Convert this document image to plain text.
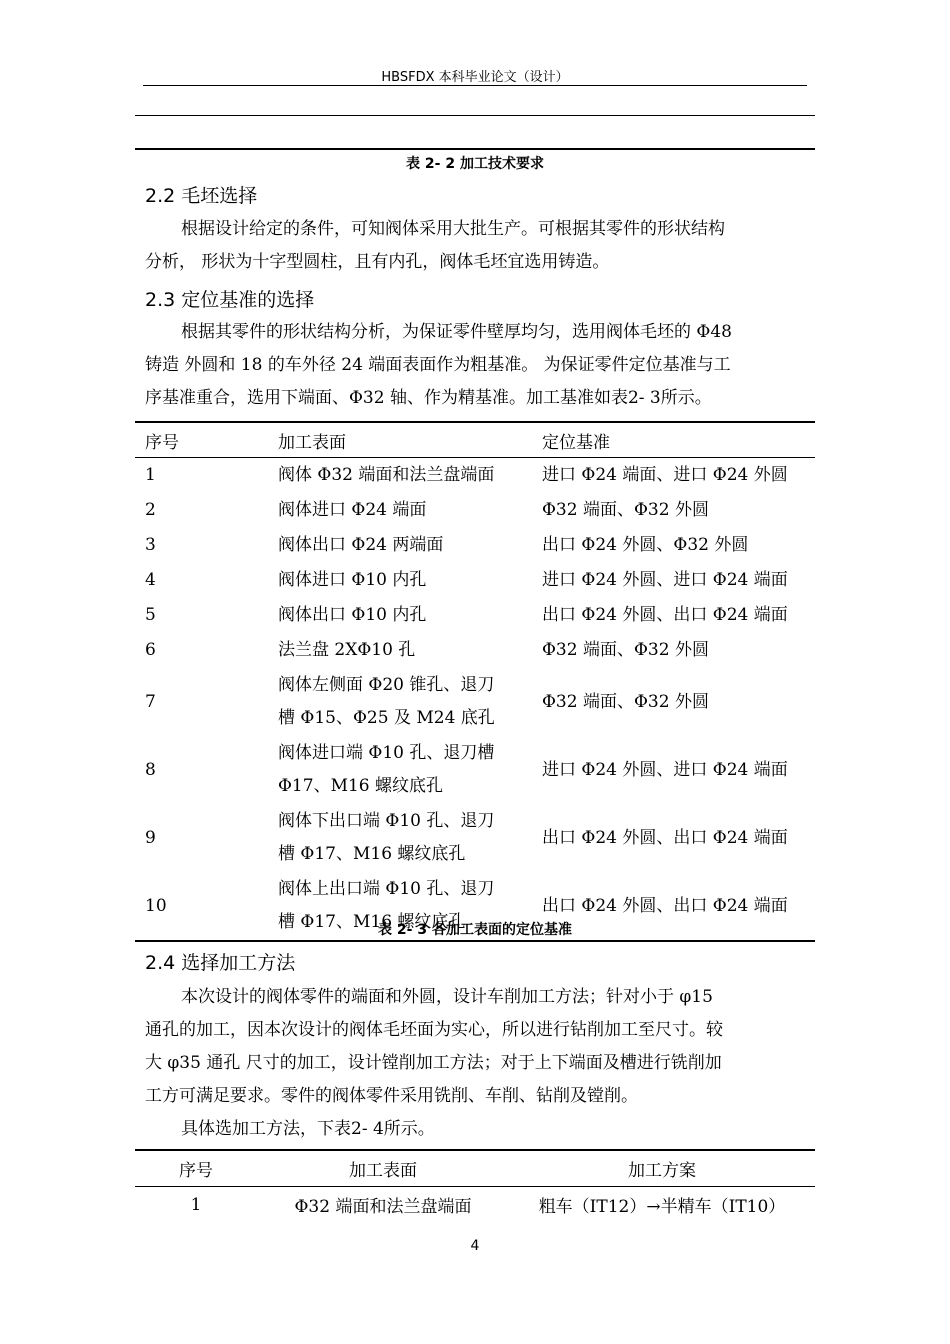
HBSFDX 本科毕业论文（设计）
表 2- 2 加工技术要求
2.2 毛坯选择
根据设计给定的条件，可知阀体采用大批生产。可根据其零件的形状结构
分析， 形状为十字型圆柱，且有内孔，阀体毛坯宜选用铸造。
2.3 定位基准的选择
根据其零件的形状结构分析，为保证零件壁厚均匀，选用阀体毛坯的 Φ48
铸造 外圆和 18 的车外径 24 端面表面作为粗基准。 为保证零件定位基准与工
序基准重合，选用下端面、Φ32 轴、作为精基准。加工基准如表2- 3所示。
序号	加工表面	定位基准
1	阀体 Φ32 端面和法兰盘端面	进口 Φ24 端面、进口 Φ24 外圆
2	阀体进口 Φ24 端面	Φ32 端面、Φ32 外圆
3	阀体出口 Φ24 两端面	出口 Φ24 外圆、Φ32 外圆
4	阀体进口 Φ10 内孔	进口 Φ24 外圆、进口 Φ24 端面
5	阀体出口 Φ10 内孔	出口 Φ24 外圆、出口 Φ24 端面
6	法兰盘 2XΦ10 孔	Φ32 端面、Φ32 外圆
7	阀体左侧面 Φ20 锥孔、退刀
槽 Φ15、Φ25 及 M24 底孔	Φ32 端面、Φ32 外圆
8	阀体进口端 Φ10 孔、退刀槽
Φ17、M16 螺纹底孔	进口 Φ24 外圆、进口 Φ24 端面
9	阀体下出口端 Φ10 孔、退刀
槽 Φ17、M16 螺纹底孔	出口 Φ24 外圆、出口 Φ24 端面
10	阀体上出口端 Φ10 孔、退刀
槽 Φ17、M16 螺纹底孔	出口 Φ24 外圆、出口 Φ24 端面
表 2- 3 各加工表面的定位基准
2.4 选择加工方法
本次设计的阀体零件的端面和外圆，设计车削加工方法；针对小于 φ15
通孔的加工，因本次设计的阀体毛坯面为实心，所以进行钻削加工至尺寸。较
大 φ35 通孔 尺寸的加工，设计镗削加工方法；对于上下端面及槽进行铣削加
工方可满足要求。零件的阀体零件采用铣削、车削、钻削及镗削。
具体选加工方法，下表2- 4所示。
序号	加工表面	加工方案
1	Φ32 端面和法兰盘端面	粗车（IT12）→半精车（IT10）
4
